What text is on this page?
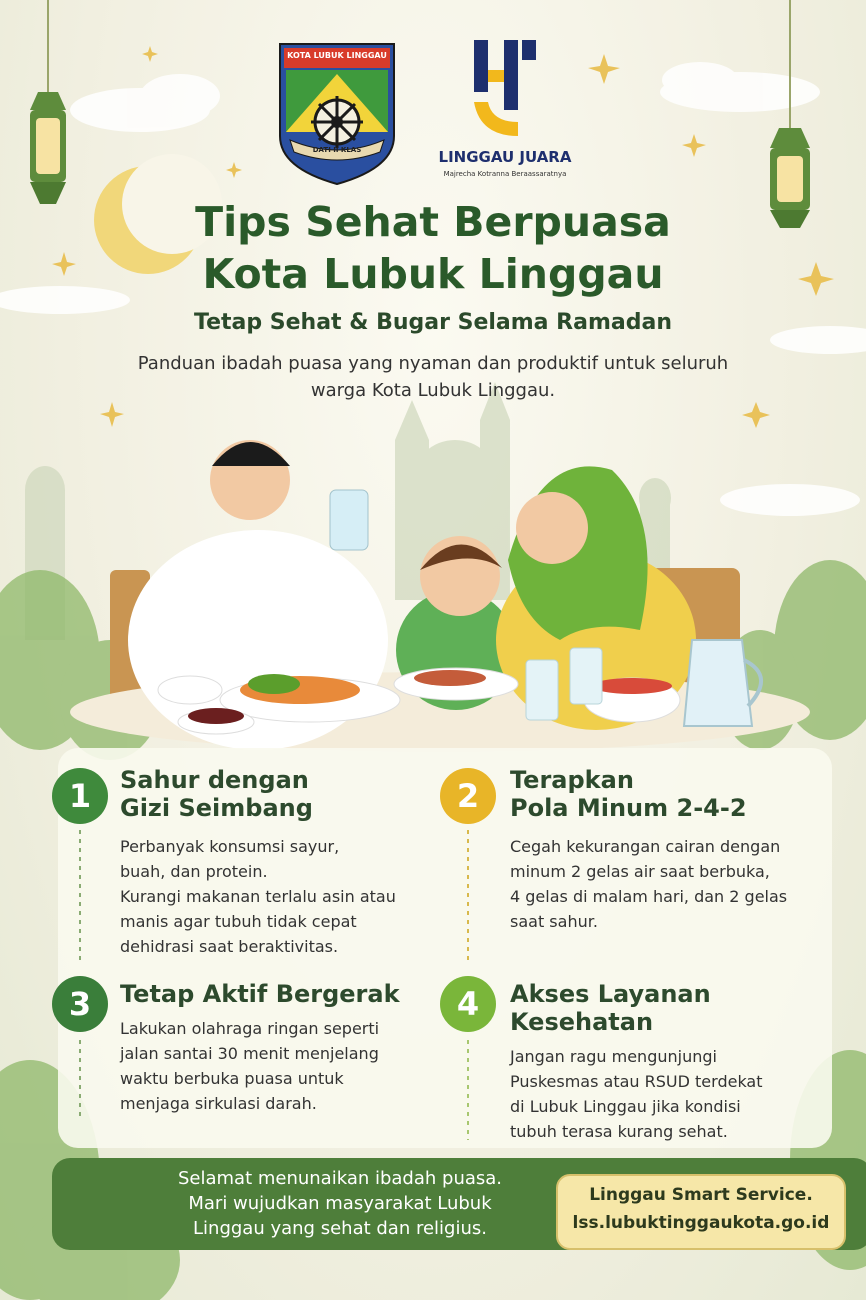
KOTA LUBUK LINGGAU
DATI II KLAS	LINGGAU JUARA
Majrecha Kotranna Beraassaratnya
Tips Sehat Berpuasa
Kota Lubuk Linggau
Tetap Sehat & Bugar Selama Ramadan
Panduan ibadah puasa yang nyaman dan produktif untuk seluruh warga Kota Lubuk Linggau.
1	Sahur dengan
Gizi Seimbang
Perbanyak konsumsi sayur,
buah, dan protein.
Kurangi makanan terlalu asin atau
manis agar tubuh tidak cepat
dehidrasi saat beraktivitas.
2	Terapkan
Pola Minum 2-4-2
Cegah kekurangan cairan dengan
minum 2 gelas air saat berbuka,
4 gelas di malam hari, dan 2 gelas
saat sahur.
3	Tetap Aktif Bergerak
Lakukan olahraga ringan seperti
jalan santai 30 menit menjelang
waktu berbuka puasa untuk
menjaga sirkulasi darah.
4	Akses Layanan
Kesehatan
Jangan ragu mengunjungi
Puskesmas atau RSUD terdekat
di Lubuk Linggau jika kondisi
tubuh terasa kurang sehat.
Selamat menunaikan ibadah puasa.
Mari wujudkan masyarakat Lubuk
Linggau yang sehat dan religius.
Linggau Smart Service.
lss.lubuktinggaukota.go.id
